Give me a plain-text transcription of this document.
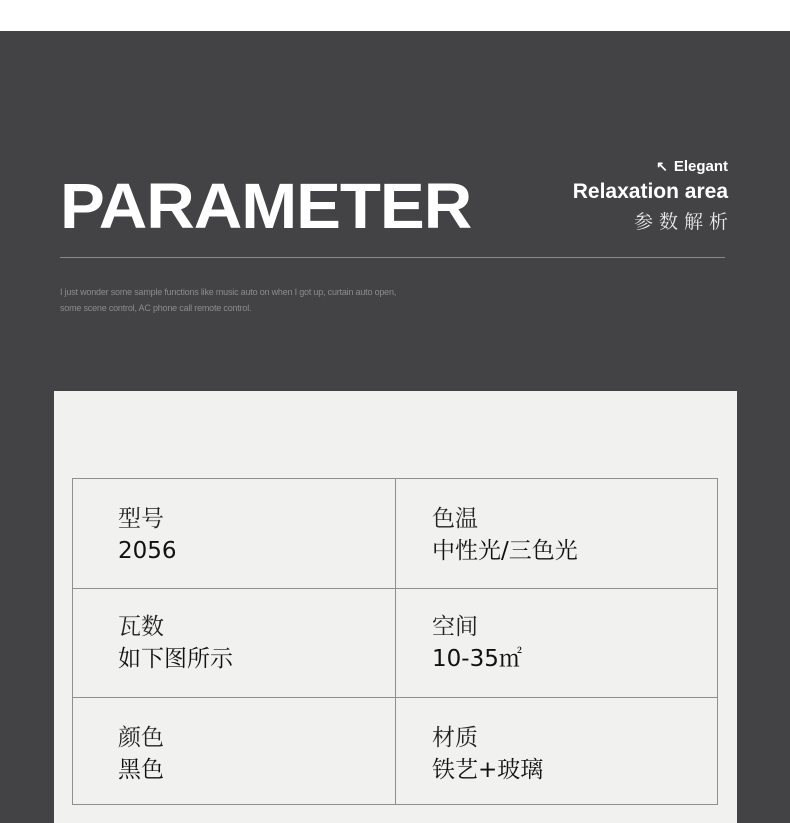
PARAMETER
↖ Elegant
Relaxation area
参数解析
I just wonder some sample functions like music auto on when I got up, curtain auto open,
some scene control, AC phone call remote control.
型号
2056
色温
中性光/三色光
瓦数
如下图所示
空间
10-35㎡
颜色
黑色
材质
铁艺+玻璃
